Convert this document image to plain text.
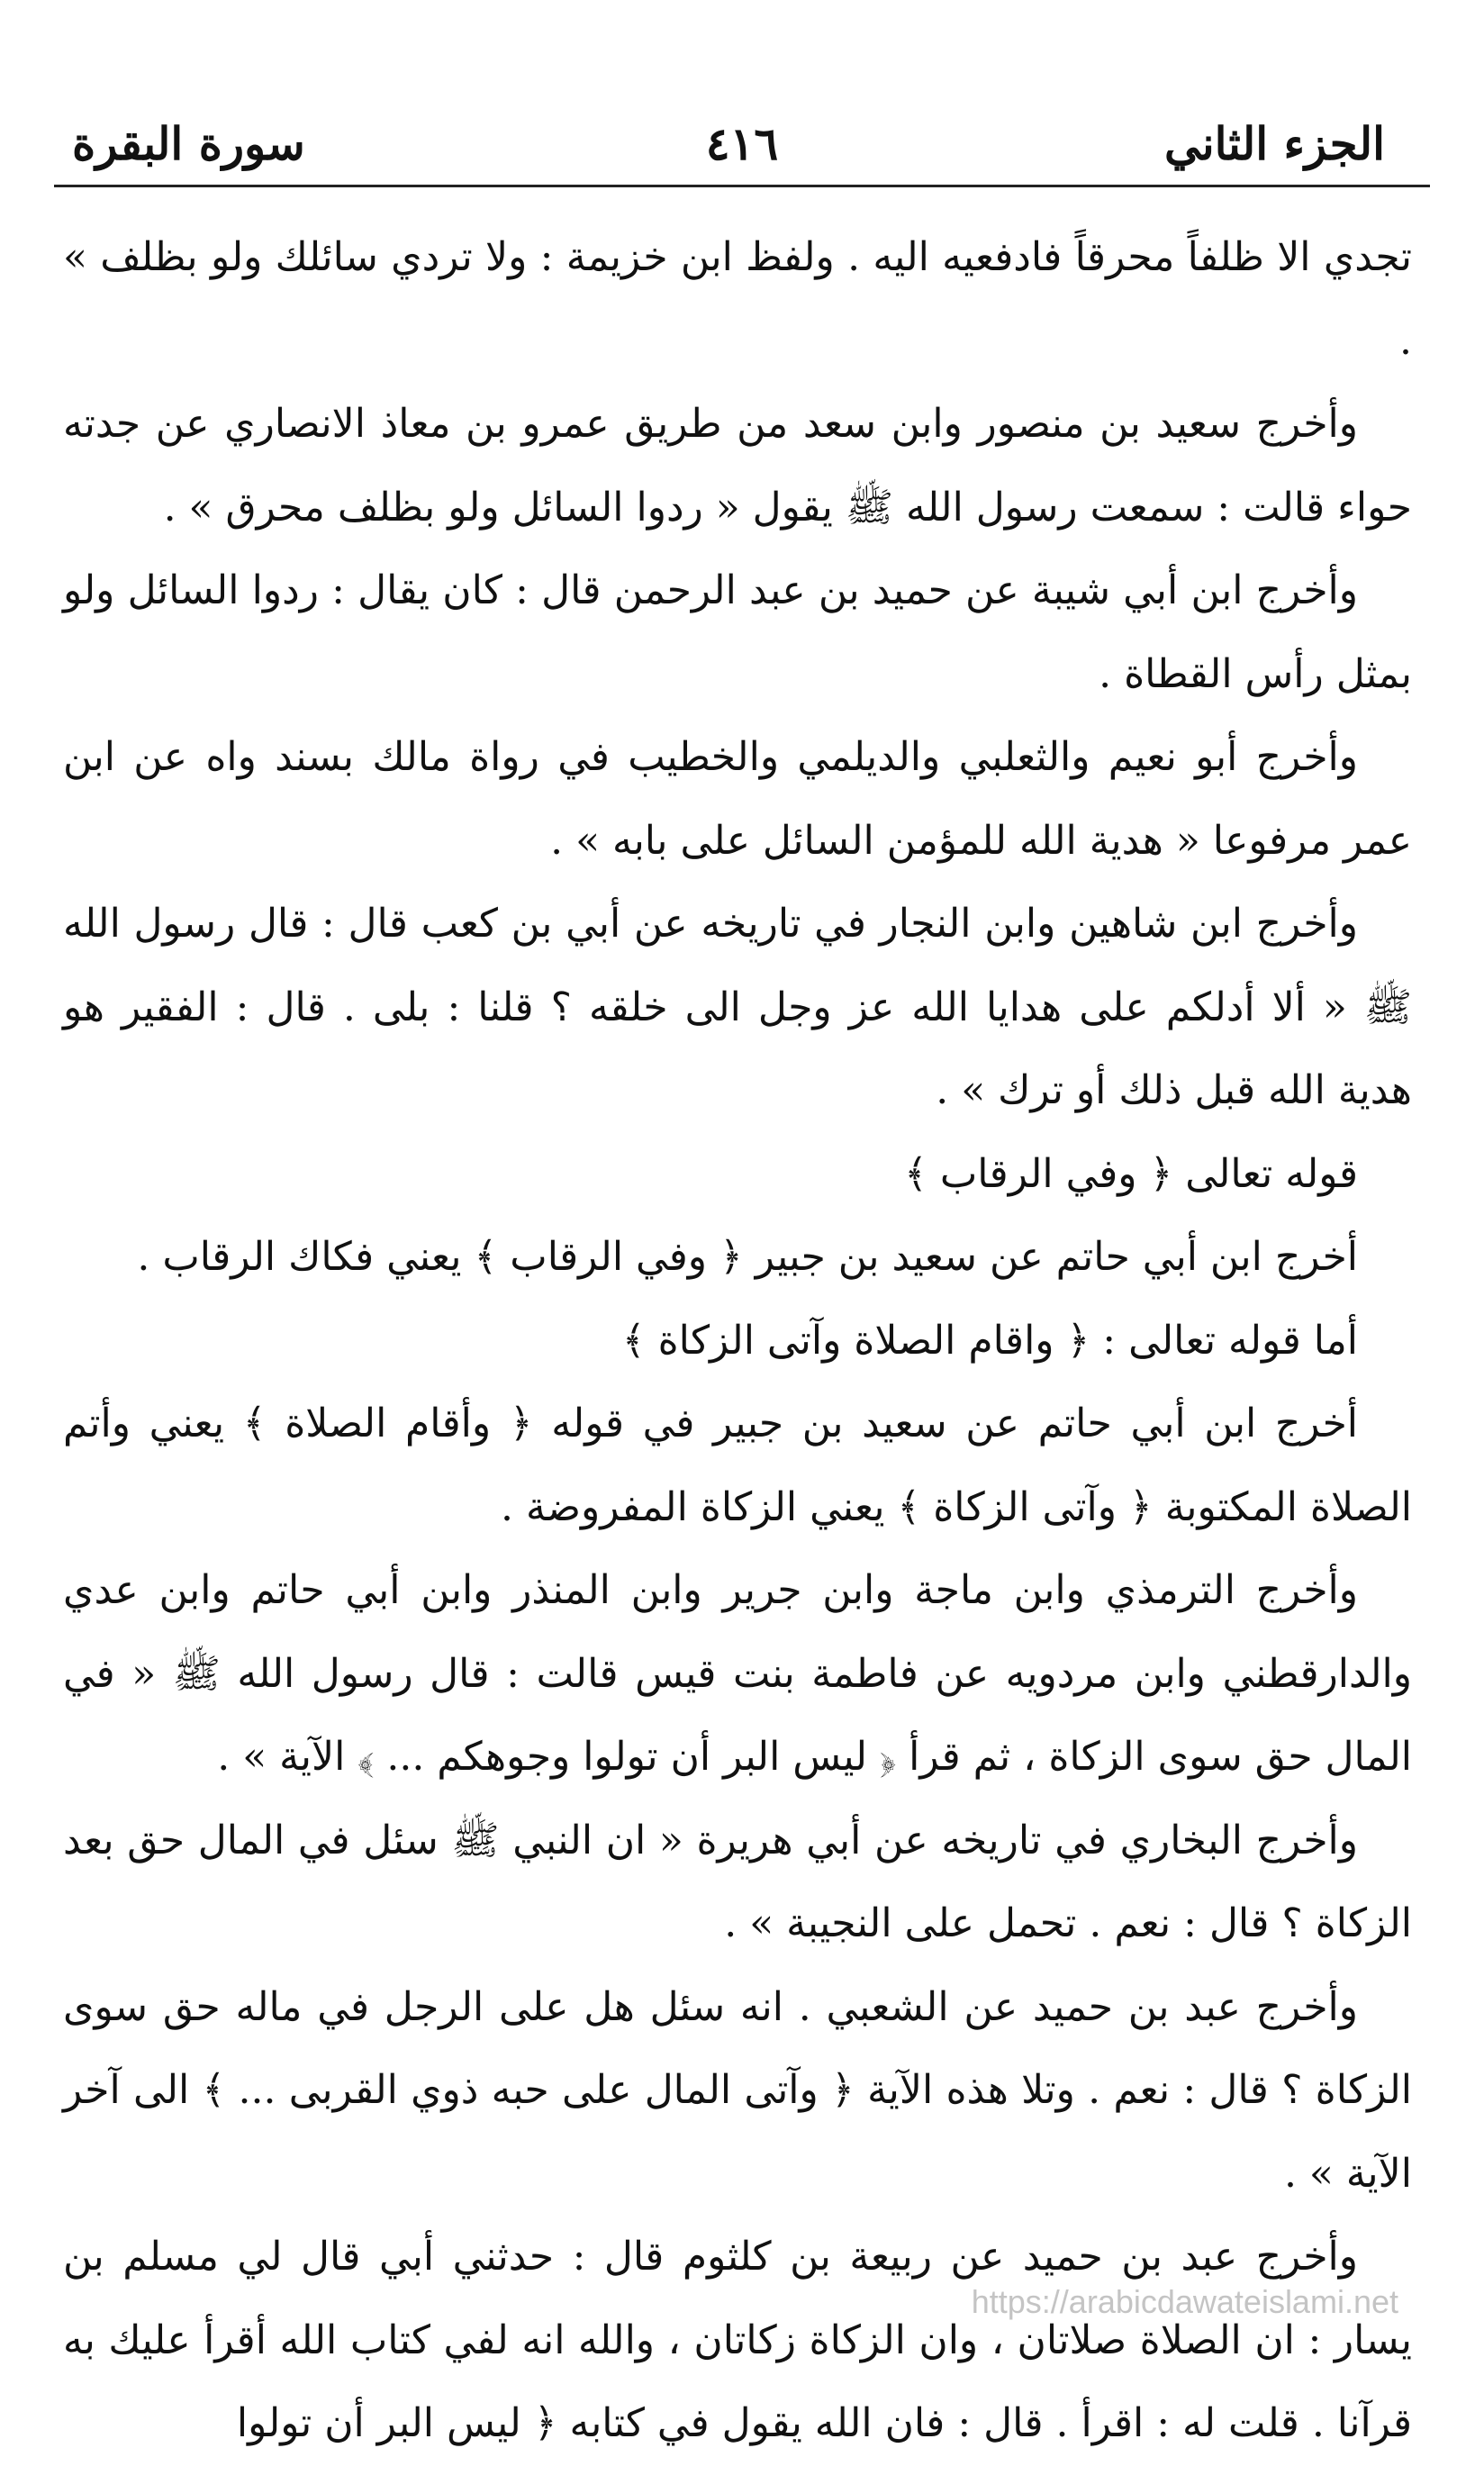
الجزء الثاني
٤١٦
سورة البقرة

تجدي الا ظلفاً محرقاً فادفعيه اليه . ولفظ ابن خزيمة : ولا تردي سائلك ولو بظلف » .

وأخرج سعيد بن منصور وابن سعد من طريق عمرو بن معاذ الانصاري عن جدته حواء قالت : سمعت رسول الله ﷺ يقول « ردوا السائل ولو بظلف محرق » .

وأخرج ابن أبي شيبة عن حميد بن عبد الرحمن قال : كان يقال : ردوا السائل ولو بمثل رأس القطاة .

وأخرج أبو نعيم والثعلبي والديلمي والخطيب في رواة مالك بسند واه عن ابن عمر مرفوعا « هدية الله للمؤمن السائل على بابه » .

وأخرج ابن شاهين وابن النجار في تاريخه عن أبي بن كعب قال : قال رسول الله ﷺ « ألا أدلكم على هدايا الله عز وجل الى خلقه ؟ قلنا : بلى . قال : الفقير هو هدية الله قبل ذلك أو ترك » .

قوله تعالى ﴿ وفي الرقاب ﴾

أخرج ابن أبي حاتم عن سعيد بن جبير ﴿ وفي الرقاب ﴾ يعني فكاك الرقاب .

أما قوله تعالى : ﴿ واقام الصلاة وآتى الزكاة ﴾

أخرج ابن أبي حاتم عن سعيد بن جبير في قوله ﴿ وأقام الصلاة ﴾ يعني وأتم الصلاة المكتوبة ﴿ وآتى الزكاة ﴾ يعني الزكاة المفروضة .

وأخرج الترمذي وابن ماجة وابن جرير وابن المنذر وابن أبي حاتم وابن عدي والدارقطني وابن مردويه عن فاطمة بنت قيس قالت : قال رسول الله ﷺ « في المال حق سوى الزكاة ، ثم قرأ ﴿ ليس البر أن تولوا وجوهكم ... ﴾ الآية » .

وأخرج البخاري في تاريخه عن أبي هريرة « ان النبي ﷺ سئل في المال حق بعد الزكاة ؟ قال : نعم . تحمل على النجيبة » .

وأخرج عبد بن حميد عن الشعبي . انه سئل هل على الرجل في ماله حق سوى الزكاة ؟ قال : نعم . وتلا هذه الآية ﴿ وآتى المال على حبه ذوي القربى ... ﴾ الى آخر الآية » .

وأخرج عبد بن حميد عن ربيعة بن كلثوم قال : حدثني أبي قال لي مسلم بن يسار : ان الصلاة صلاتان ، وان الزكاة زكاتان ، والله انه لفي كتاب الله أقرأ عليك به قرآنا . قلت له : اقرأ . قال : فان الله يقول في كتابه ﴿ ليس البر أن تولوا

https://arabicdawateislami.net
